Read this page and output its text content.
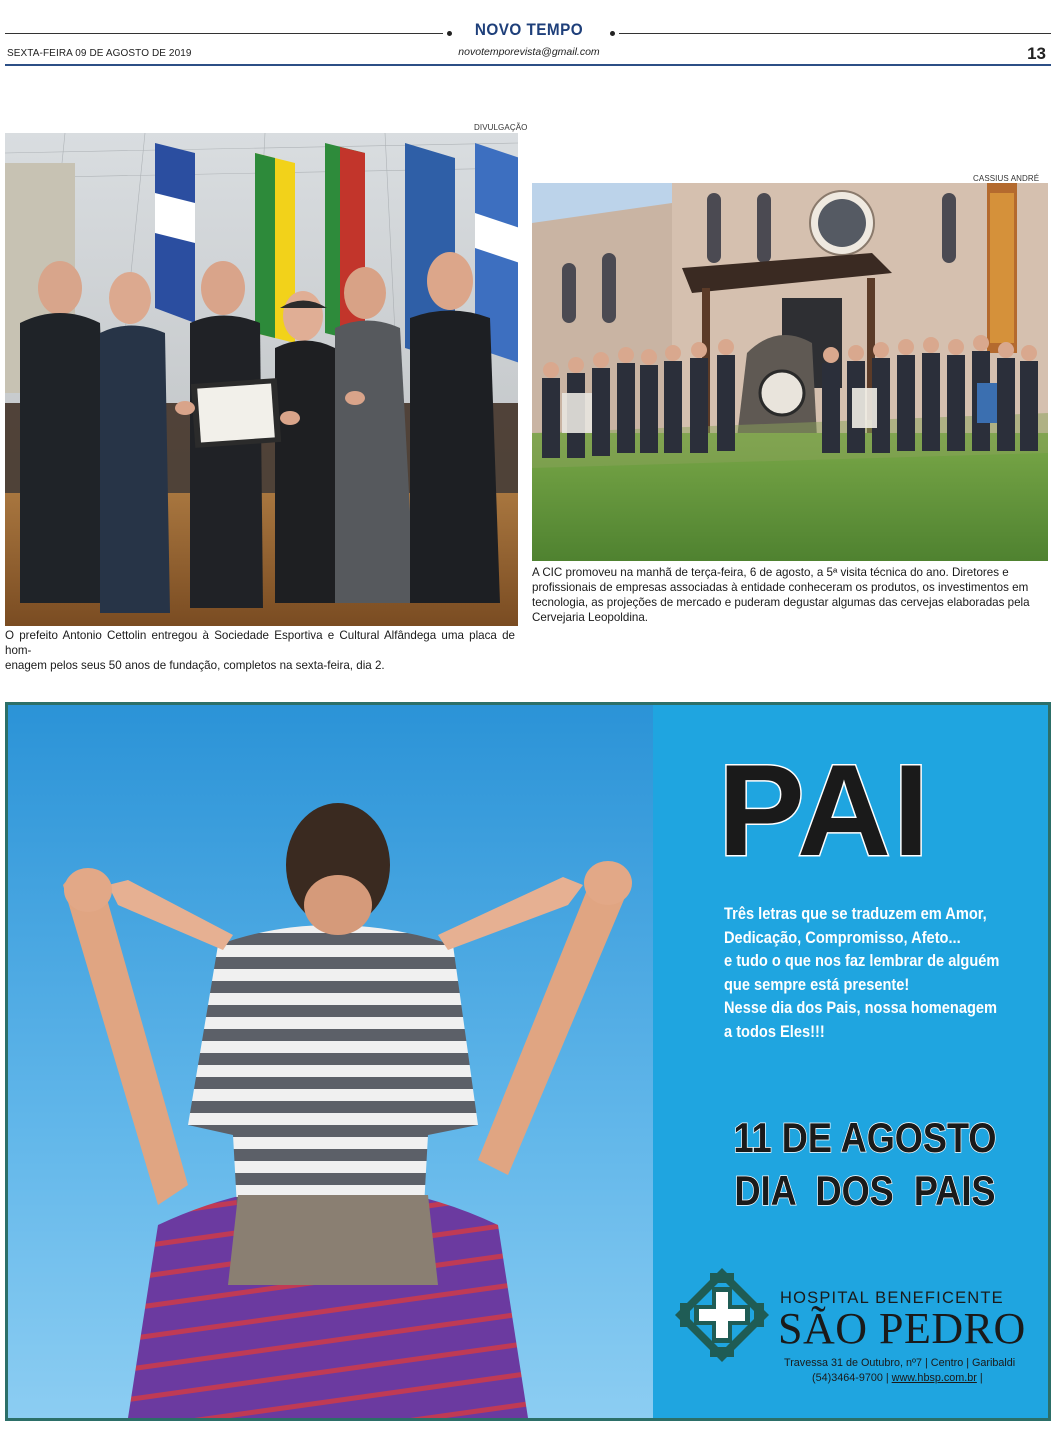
NOVO TEMPO
SEXTA-FEIRA 09 DE AGOSTO DE 2019	novotemporevista@gmail.com	13
DIVULGAÇÃO
O prefeito Antonio Cettolin entregou à Sociedade Esportiva e Cultural Alfândega uma placa de hom-
enagem pelos seus 50 anos de fundação, completos na sexta-feira, dia 2.
CASSIUS ANDRÉ
A CIC promoveu na manhã de terça-feira, 6 de agosto, a 5ª visita técnica do ano. Diretores e
profissionais de empresas associadas à entidade conheceram os produtos, os investimentos em
tecnologia, as projeções de mercado e puderam degustar algumas das cervejas elaboradas pela
Cervejaria Leopoldina.
PAI
Três letras que se traduzem em Amor,
Dedicação, Compromisso, Afeto...
e tudo o que nos faz lembrar de alguém
que sempre está presente!
Nesse dia dos Pais, nossa homenagem
a todos Eles!!!
11 DE AGOSTO
DIA  DOS  PAIS
HOSPITAL BENEFICENTE
SÃO PEDRO
Travessa 31 de Outubro, nº7 | Centro | Garibaldi
(54)3464-9700 | www.hbsp.com.br |
